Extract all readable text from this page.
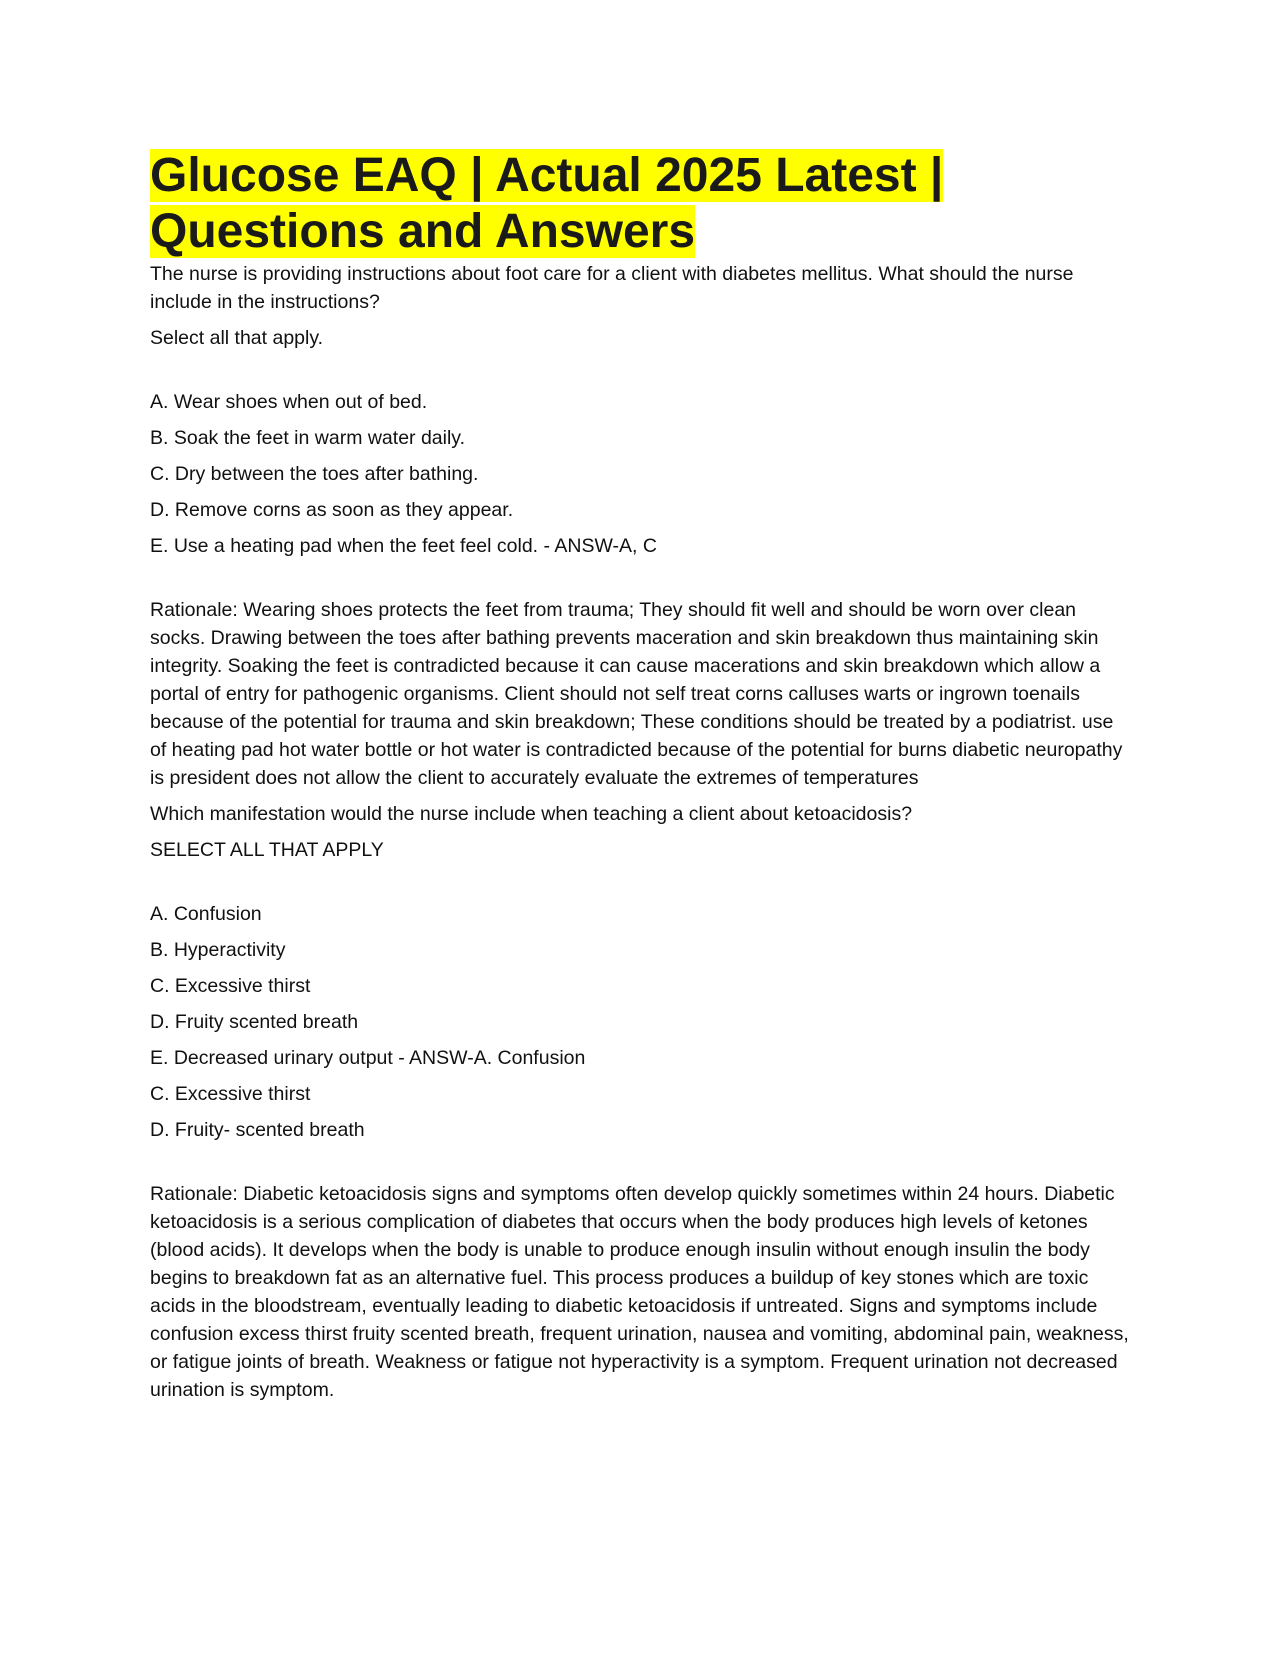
Glucose EAQ | Actual 2025 Latest |
Questions and Answers

The nurse is providing instructions about foot care for a client with diabetes mellitus. What should the nurse include in the instructions?

Select all that apply.

A. Wear shoes when out of bed.

B. Soak the feet in warm water daily.

C. Dry between the toes after bathing.

D. Remove corns as soon as they appear.

E. Use a heating pad when the feet feel cold. - ANSW-A, C

Rationale: Wearing shoes protects the feet from trauma; They should fit well and should be worn over clean socks. Drawing between the toes after bathing prevents maceration and skin breakdown thus maintaining skin integrity. Soaking the feet is contradicted because it can cause macerations and skin breakdown which allow a portal of entry for pathogenic organisms. Client should not self treat corns calluses warts or ingrown toenails because of the potential for trauma and skin breakdown; These conditions should be treated by a podiatrist. use of heating pad hot water bottle or hot water is contradicted because of the potential for burns diabetic neuropathy is president does not allow the client to accurately evaluate the extremes of temperatures

Which manifestation would the nurse include when teaching a client about ketoacidosis?

SELECT ALL THAT APPLY

A. Confusion

B. Hyperactivity

C. Excessive thirst

D. Fruity scented breath

E. Decreased urinary output - ANSW-A. Confusion

C. Excessive thirst

D. Fruity- scented breath

Rationale: Diabetic ketoacidosis signs and symptoms often develop quickly sometimes within 24 hours. Diabetic ketoacidosis is a serious complication of diabetes that occurs when the body produces high levels of ketones (blood acids). It develops when the body is unable to produce enough insulin without enough insulin the body begins to breakdown fat as an alternative fuel. This process produces a buildup of key stones which are toxic acids in the bloodstream, eventually leading to diabetic ketoacidosis if untreated. Signs and symptoms include confusion excess thirst fruity scented breath, frequent urination, nausea and vomiting, abdominal pain, weakness, or fatigue joints of breath. Weakness or fatigue not hyperactivity is a symptom. Frequent urination not decreased urination is symptom.
